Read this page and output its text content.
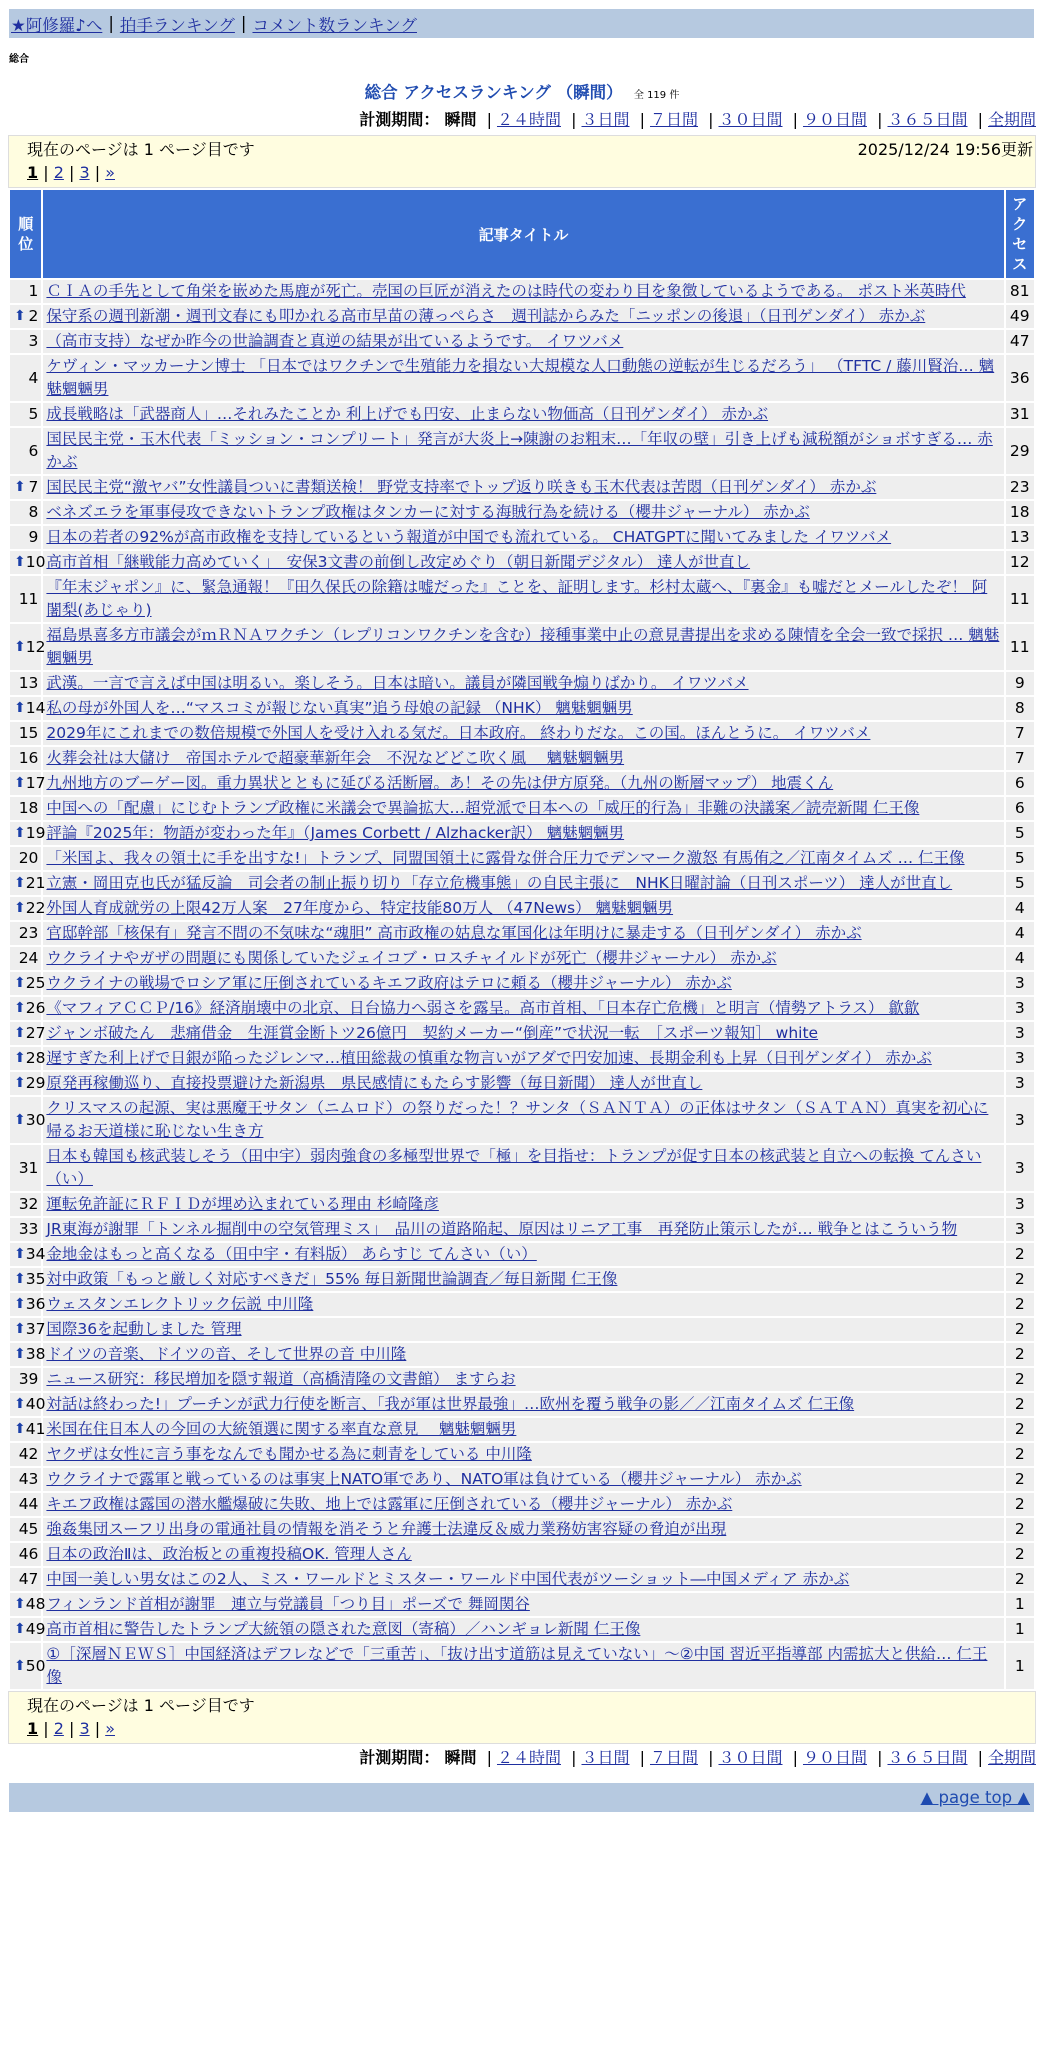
★阿修羅♪へ | 拍手ランキング | コメント数ランキング
総合
総合 アクセスランキング （瞬間） 全 119 件
計測期間： 瞬間 | ２４時間 | ３日間 | ７日間 | ３０日間 | ９０日間 | ３６５日間 | 全期間
現在のページは 1 ページ目です	2025/12/24 19:56更新
1 | 2 | 3 | »
順位	記事タイトル	アクセス
1	ＣＩＡの手先として角栄を嵌めた馬鹿が死亡。売国の巨匠が消えたのは時代の変わり目を象徴しているようである。 ポスト米英時代	81

⬆ 2	保守系の週刊新潮・週刊文春にも叩かれる高市早苗の薄っぺらさ　週刊誌からみた「ニッポンの後退」（日刊ゲンダイ） 赤かぶ	49
3	（高市支持）なぜか昨今の世論調査と真逆の結果が出ているようです。 イワツバメ	47
4	ケヴィン・マッカーナン博士 「日本ではワクチンで生殖能力を損ない大規模な人口動態の逆転が生じるだろう」 （TFTC / 藤川賢治… 魑魅魍魎男	36
5	成長戦略は「武器商人」…それみたことか 利上げでも円安、止まらない物価高（日刊ゲンダイ） 赤かぶ	31
6	国民民主党・玉木代表「ミッション・コンプリート」発言が大炎上→陳謝のお粗末…「年収の壁」引き上げも減税額がショボすぎる… 赤かぶ	29

⬆ 7	国民民主党“激ヤバ”女性議員ついに書類送検！ 野党支持率でトップ返り咲きも玉木代表は苦悶（日刊ゲンダイ） 赤かぶ	23
8	ベネズエラを軍事侵攻できないトランプ政権はタンカーに対する海賊行為を続ける（櫻井ジャーナル） 赤かぶ	18
9	日本の若者の92%が高市政権を支持しているという報道が中国でも流れている。 CHATGPTに聞いてみました イワツバメ	13

⬆ 10	高市首相「継戦能力高めていく」　安保3文書の前倒し改定めぐり（朝日新聞デジタル） 達人が世直し	12
11	『年末ジャポン』に、緊急通報！『田久保氏の除籍は嘘だった』ことを、証明します。杉村太蔵へ、『裏金』も嘘だとメールしたぞ！ 阿闍梨(あじゃり)	11

⬆ 12	福島県喜多方市議会がｍＲＮＡワクチン（レプリコンワクチンを含む）接種事業中止の意見書提出を求める陳情を全会一致で採択 … 魑魅魍魎男	11
13	武漢。一言で言えば中国は明るい。楽しそう。日本は暗い。議員が隣国戦争煽りばかり。 イワツバメ	9

⬆ 14	私の母が外国人を…“マスコミが報じない真実”追う母娘の記録 （NHK） 魑魅魍魎男	8
15	2029年にこれまでの数倍規模で外国人を受け入れる気だ。日本政府。 終わりだな。この国。ほんとうに。 イワツバメ	7
16	火葬会社は大儲け　帝国ホテルで超豪華新年会　不況などどこ吹く風　 魑魅魍魎男	7

⬆ 17	九州地方のブーゲー図。重力異状とともに延びる活断層。あ！その先は伊方原発。（九州の断層マップ） 地震くん	6
18	中国への「配慮」にじむトランプ政権に米議会で異論拡大…超党派で日本への「威圧的行為」非難の決議案／読売新聞 仁王像	6

⬆ 19	評論『2025年：物語が変わった年』（James Corbett / Alzhacker訳） 魑魅魍魎男	5
20	「米国よ、我々の領土に手を出すな!」トランプ、同盟国領土に露骨な併合圧力でデンマーク激怒 有馬侑之／江南タイムズ … 仁王像	5

⬆ 21	立憲・岡田克也氏が猛反論　司会者の制止振り切り「存立危機事態」の自民主張に　NHK日曜討論（日刊スポーツ） 達人が世直し	5

⬆ 22	外国人育成就労の上限42万人案　27年度から、特定技能80万人 （47News） 魑魅魍魎男	4
23	官邸幹部「核保有」発言不問の不気味な“魂胆” 高市政権の姑息な軍国化は年明けに暴走する（日刊ゲンダイ） 赤かぶ	4
24	ウクライナやガザの問題にも関係していたジェイコブ・ロスチャイルドが死亡（櫻井ジャーナル） 赤かぶ	4

⬆ 25	ウクライナの戦場でロシア軍に圧倒されているキエフ政府はテロに頼る（櫻井ジャーナル） 赤かぶ	3

⬆ 26	《マフィアＣＣＰ/16》経済崩壊中の北京、日台協力へ弱さを露呈。高市首相、「日本存亡危機」と明言（情勢アトラス） 歙歙	3

⬆ 27	ジャンボ破たん　悲痛借金　生涯賞金断トツ26億円　契約メーカー“倒産”で状況一転　［スポーツ報知］ white	3

⬆ 28	遅すぎた利上げで日銀が陥ったジレンマ…植田総裁の慎重な物言いがアダで円安加速、長期金利も上昇（日刊ゲンダイ） 赤かぶ	3

⬆ 29	原発再稼働巡り、直接投票避けた新潟県　県民感情にもたらす影響（毎日新聞） 達人が世直し	3

⬆ 30	クリスマスの起源、実は悪魔王サタン（ニムロド）の祭りだった！？サンタ（ＳＡＮＴＡ）の正体はサタン（ＳＡＴＡＮ）真実を初心に帰るお天道様に恥じない生き方	3
31	日本も韓国も核武装しそう（田中宇）弱肉強食の多極型世界で「極」を目指せ：トランプが促す日本の核武装と自立への転換 てんさい（い）	3
32	運転免許証にＲＦＩＤが埋め込まれている理由 杉崎隆彦	3
33	JR東海が謝罪「トンネル掘削中の空気管理ミス」　品川の道路陥起、原因はリニア工事　再発防止策示したが… 戦争とはこういう物	3

⬆ 34	金地金はもっと高くなる（田中宇・有料版） あらすじ てんさい（い）	2

⬆ 35	対中政策「もっと厳しく対応すべきだ」55% 毎日新聞世論調査／毎日新聞 仁王像	2

⬆ 36	ウェスタンエレクトリック伝説 中川隆	2

⬆ 37	国際36を起動しました 管理	2

⬆ 38	ドイツの音楽、ドイツの音、そして世界の音 中川隆	2
39	ニュース研究：移民増加を隠す報道（高橋清隆の文書館） ますらお	2

⬆ 40	対話は終わった!」プーチンが武力行使を断言、「我が軍は世界最強」…欧州を覆う戦争の影／／江南タイムズ 仁王像	2

⬆ 41	米国在住日本人の今回の大統領選に関する率直な意見　 魑魅魍魎男	2
42	ヤクザは女性に言う事をなんでも聞かせる為に刺青をしている 中川隆	2
43	ウクライナで露軍と戦っているのは事実上NATO軍であり、NATO軍は負けている（櫻井ジャーナル） 赤かぶ	2
44	キエフ政権は露国の潜水艦爆破に失敗、地上では露軍に圧倒されている（櫻井ジャーナル） 赤かぶ	2
45	強姦集団スーフリ出身の電通社員の情報を消そうと弁護士法違反＆威力業務妨害容疑の脅迫が出現	2
46	日本の政治Ⅱは、政治板との重複投稿OK. 管理人さん	2
47	中国一美しい男女はこの2人、ミス・ワールドとミスター・ワールド中国代表がツーショット―中国メディア 赤かぶ	2

⬆ 48	フィンランド首相が謝罪　連立与党議員「つり目」ポーズで 舞岡関谷	1

⬆ 49	高市首相に警告したトランプ大統領の隠された意図（寄稿）／ハンギョレ新聞 仁王像	1

⬆ 50	①［深層ＮＥＷＳ］中国経済はデフレなどで「三重苦」、「抜け出す道筋は見えていない」～②中国 習近平指導部 内需拡大と供給… 仁王像	1
現在のページは 1 ページ目です
1 | 2 | 3 | »
計測期間： 瞬間 | ２４時間 | ３日間 | ７日間 | ３０日間 | ９０日間 | ３６５日間 | 全期間
▲ page top ▲
